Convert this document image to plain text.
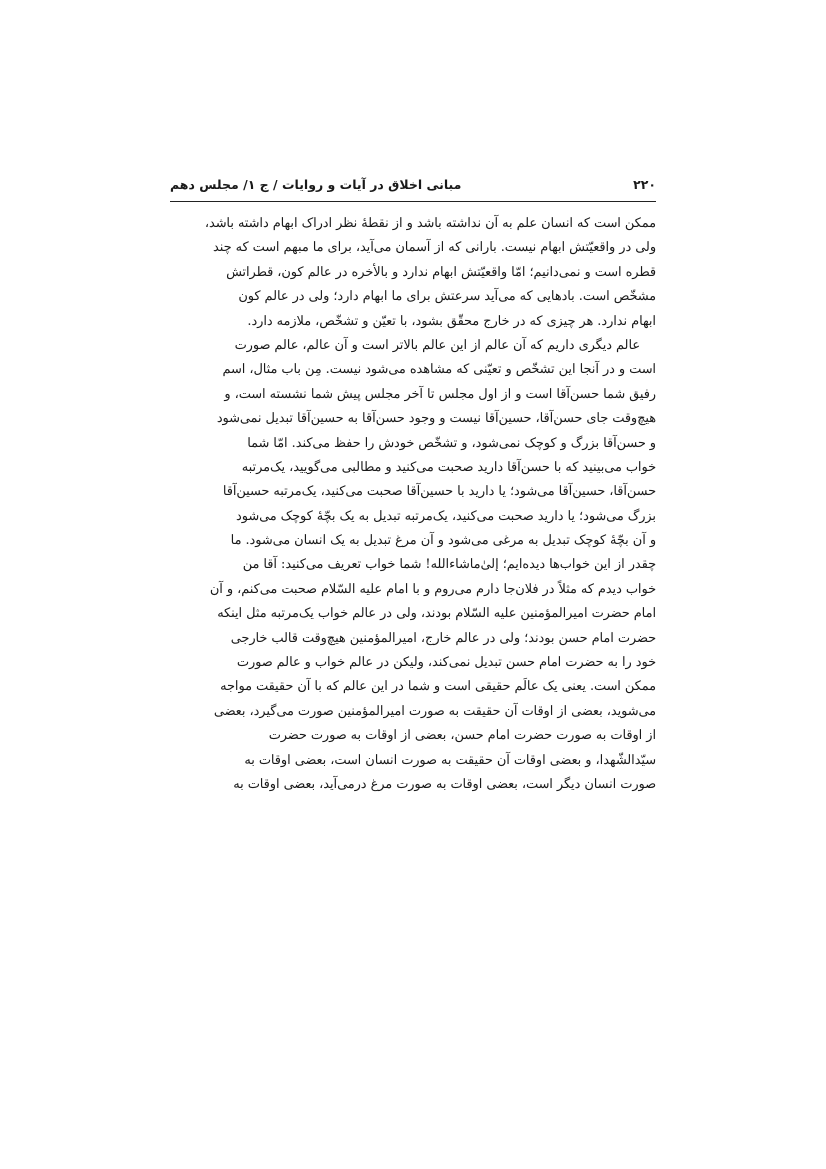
۲۲۰
مبانی اخلاق در آیات و روایات / ج ۱/ مجلس دهم
ممکن است که انسان علم به آن نداشته باشد و از نقطهٔ نظر ادراک ابهام داشته باشد،
ولی در واقعیّتش ابهام نیست. بارانی که از آسمان می‌آید، برای ما مبهم است که چند
قطره است و نمی‌دانیم؛ امّا واقعیّتش ابهام ندارد و بالأخره در عالم کون، قطراتش
مشخّص است. بادهایی که می‌آید سرعتش برای ما ابهام دارد؛ ولی در عالم کون
ابهام ندارد. هر چیزی که در خارج محقّق بشود، با تعیّن و تشخّص، ملازمه دارد.
عالم دیگری داریم که آن عالم از این عالم بالاتر است و آن عالم، عالم صورت
است و در آنجا این تشخّص و تعیّنی که مشاهده می‌شود نیست. مِن باب مثال، اسم
رفیق شما حسن‌آقا است و از اول مجلس تا آخر مجلس پیش شما نشسته است، و
هیچ‌وقت جای حسن‌آقا، حسین‌آقا نیست و وجود حسن‌آقا به حسین‌آقا تبدیل نمی‌شود
و حسن‌آقا بزرگ و کوچک نمی‌شود، و تشخّص خودش را حفظ می‌کند. امّا شما
خواب می‌بینید که با حسن‌آقا دارید صحبت می‌کنید و مطالبی می‌گویید، یک‌مرتبه
حسن‌آقا، حسین‌آقا می‌شود؛ یا دارید با حسین‌آقا صحبت می‌کنید، یک‌مرتبه حسین‌آقا
بزرگ می‌شود؛ یا دارید صحبت می‌کنید، یک‌مرتبه تبدیل به یک بچّهٔ کوچک می‌شود
و آن بچّهٔ کوچک تبدیل به مرغی می‌شود و آن مرغ تبدیل به یک انسان می‌شود. ما
چقدر از این خواب‌ها دیده‌ایم؛ إلیٰ‌ماشاءالله! شما خواب تعریف می‌کنید: آقا من
خواب دیدم که مثلاً در فلان‌جا دارم می‌روم و با امام علیه السّلام صحبت می‌کنم، و آن
امام حضرت امیرالمؤمنین علیه السّلام بودند، ولی در عالم خواب یک‌مرتبه مثل اینکه
حضرت امام حسن بودند؛ ولی در عالم خارج، امیرالمؤمنین هیچ‌وقت قالب خارجی
خود را به حضرت امام حسن تبدیل نمی‌کند، ولیکن در عالم خواب و عالم صورت
ممکن است. یعنی یک عالَم حقیقی است و شما در این عالم که با آن حقیقت مواجه
می‌شوید، بعضی از اوقات آن حقیقت به صورت امیرالمؤمنین صورت می‌گیرد، بعضی
از اوقات به صورت حضرت امام حسن، بعضی از اوقات به صورت حضرت
سیّدالشّهدا، و بعضی اوقات آن حقیقت به صورت انسان است، بعضی اوقات به
صورت انسان دیگر است، بعضی اوقات به صورت مرغ درمی‌آید، بعضی اوقات به
